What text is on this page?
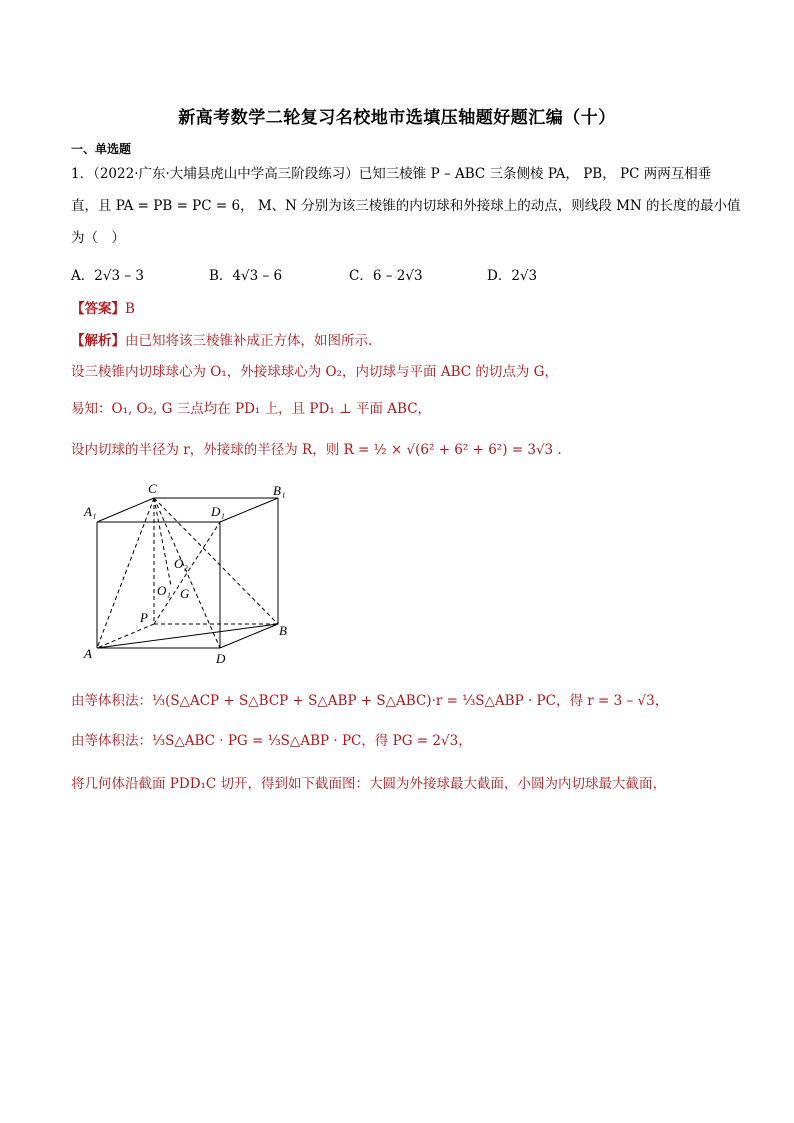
新高考数学二轮复习名校地市选填压轴题好题汇编（十）
一、单选题
1．（2022·广东·大埔县虎山中学高三阶段练习）已知三棱锥 P – ABC 三条侧棱 PA， PB， PC 两两互相垂
直，且 PA = PB = PC = 6， M、N 分别为该三棱锥的内切球和外接球上的动点，则线段 MN 的长度的最小值
为（　）
A．2√3 – 3	B．4√3 – 6	C．6 – 2√3	D．2√3
【答案】B
【解析】由已知将该三棱锥补成正方体，如图所示.
设三棱锥内切球球心为 O₁，外接球球心为 O₂，内切球与平面 ABC 的切点为 G，
易知：O₁, O₂, G 三点均在 PD₁ 上，且 PD₁ ⊥ 平面 ABC，
设内切球的半径为 r，外接球的半径为 R，则 R = ½ × √(6² + 6² + 6²) = 3√3 .
C	B₁
A₁	D₁
O₂
O₁ G
P
B
A	D
由等体积法：⅓(S△ACP + S△BCP + S△ABP + S△ABC)·r = ⅓S△ABP · PC，得 r = 3 – √3，
由等体积法：⅓S△ABC · PG = ⅓S△ABP · PC，得 PG = 2√3，
将几何体沿截面 PDD₁C 切开，得到如下截面图：大圆为外接球最大截面，小圆为内切球最大截面，
